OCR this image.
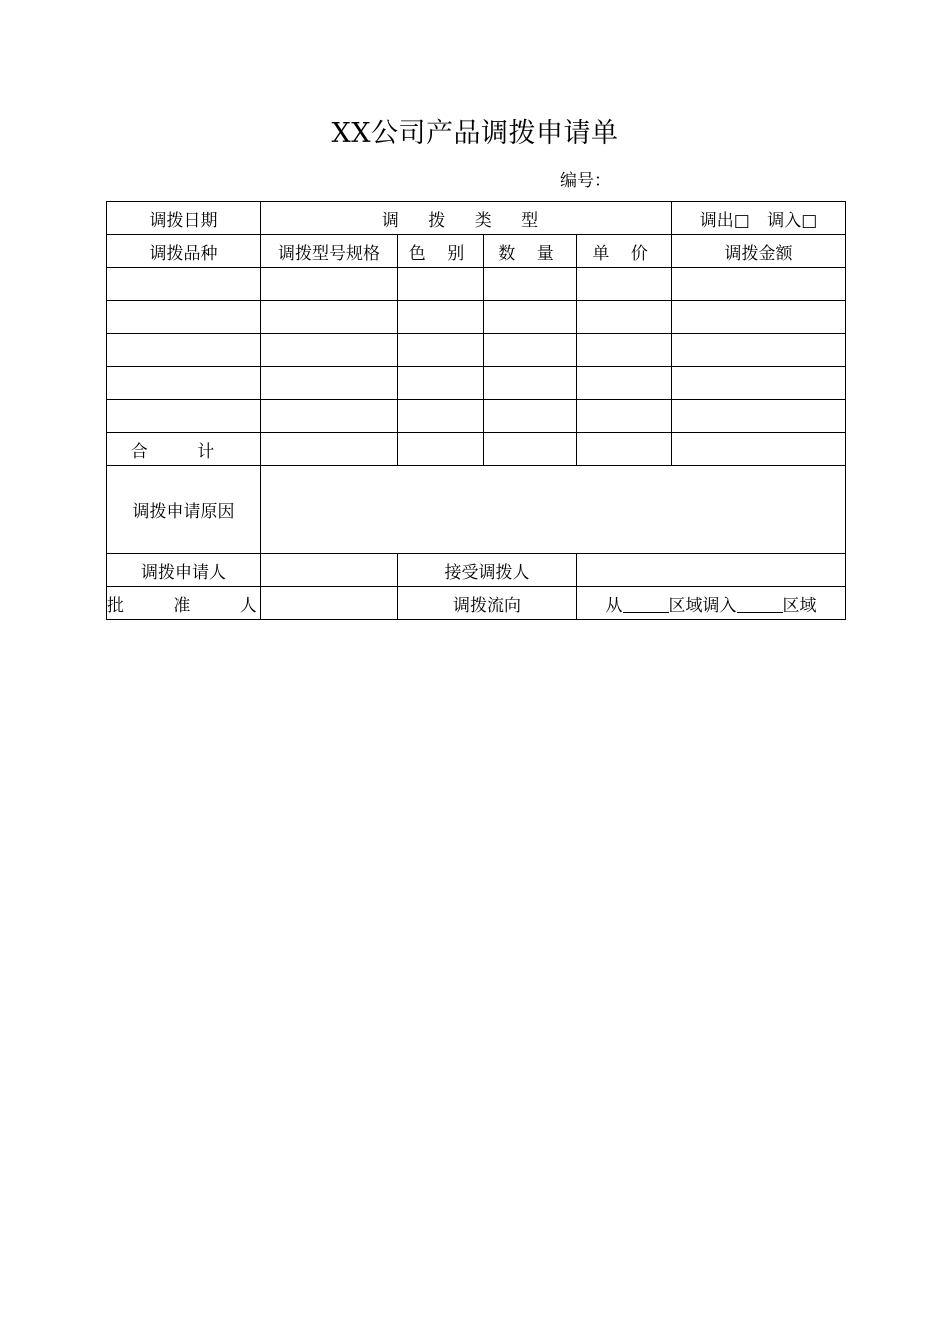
XX公司产品调拨申请单
编号：
调拨日期	调 拨 类 型				调出□ 调入□
调拨品种	调拨型号规格	色 别	数 量	单 价	调拨金额

合 计					
调拨申请原因					
调拨申请人		接受调拨人			
批 准 人		调拨流向		从 区域调入 区域	
